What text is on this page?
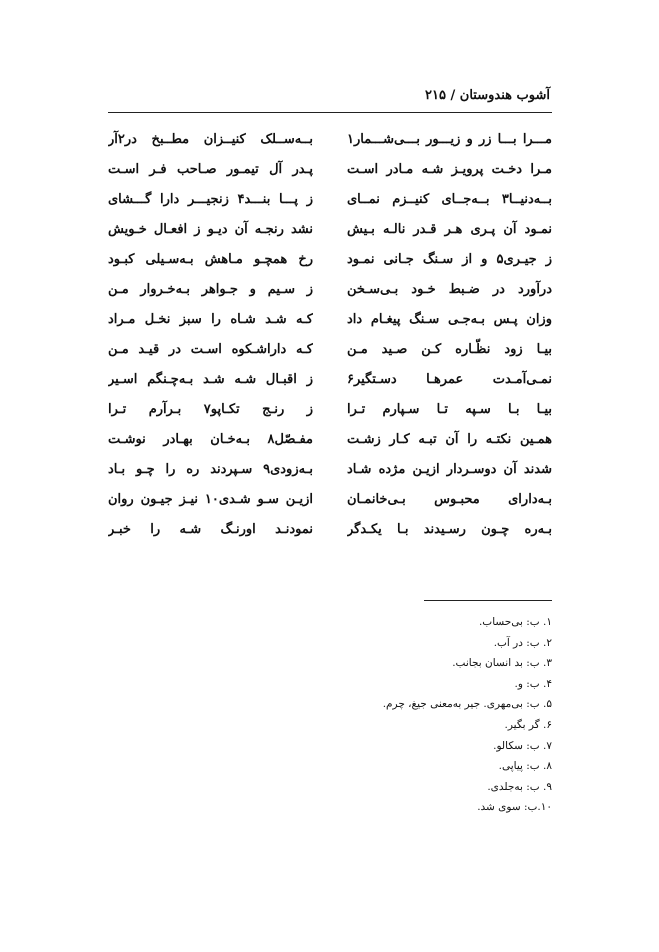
آشوب هندوستان / ۲۱۵
مـــرا بـــا زر و زیـــور بـــی‌شـــمار۱
بــه‌ســلک کنیــزان مطــبخ در۲آر
مـرا دخـت پرویـز شـه مـادر اسـت
پـدر آل تیمـور صـاحب فـر اسـت
بــه‌دنیــا۳ بــه‌جــای کنیــزم نمــای
ز پـــا بنـــد۴ زنجیـــر دارا گـــشای
نمـود آن پـری هـر قـدر نالـه بـیش
نشد رنجـه آن دیـو ز افعـال خـویش
ز جیـری۵ و از سـنگ جـانی نمـود
رخ همچـو مـاهش بـه‌سـیلی کبـود
درآورد در ضـبط خـود بـی‌سـخن
ز سـیم و جـواهر بـه‌خـروار مـن
وزان پـس بـه‌جـی سـنگ پیغـام داد
کـه شـد شـاه را سبز نخـل مـراد
بیـا زود نظّـاره کـن صـید مـن
کـه داراشـکوه اسـت در قیـد مـن
نمـی‌آمـدت عمرهـا دسـتگیر۶
ز اقبـال شـه شـد بـه‌چـنگم اسـیر
بیـا بـا سـپه تـا سـپارم تـرا
ز رنـج تکـاپو۷ بـرآرم تـرا
همـین نکتـه را آن تبـه کـار زشـت
مفـصّل۸ بـه‌خـان بهـادر نوشـت
شدند آن دوسـردار ازیـن مژده شـاد
بـه‌زودی۹ سـپردند ره را چـو بـاد
بـه‌دارای محبـوس بـی‌خانمـان
ازیـن سـو شـدی۱۰ نیـز جیـون روان
بـه‌ره چـون رسـیدند بـا یکـدگر
نمودنـد اورنـگ شـه را خبـر
۱. ب: بی‌حساب.
۲. ب: در آب.
۳. ب: بد انسان بجانب.
۴. ب: و.
۵. ب: بی‌مهری. جیر به‌معنی جیغ، چرم.
۶. گر بگیر.
۷. ب: سکالو.
۸. ب: پیاپی.
۹. ب: به‌جلدی.
۱۰.ب: سوی شد.
